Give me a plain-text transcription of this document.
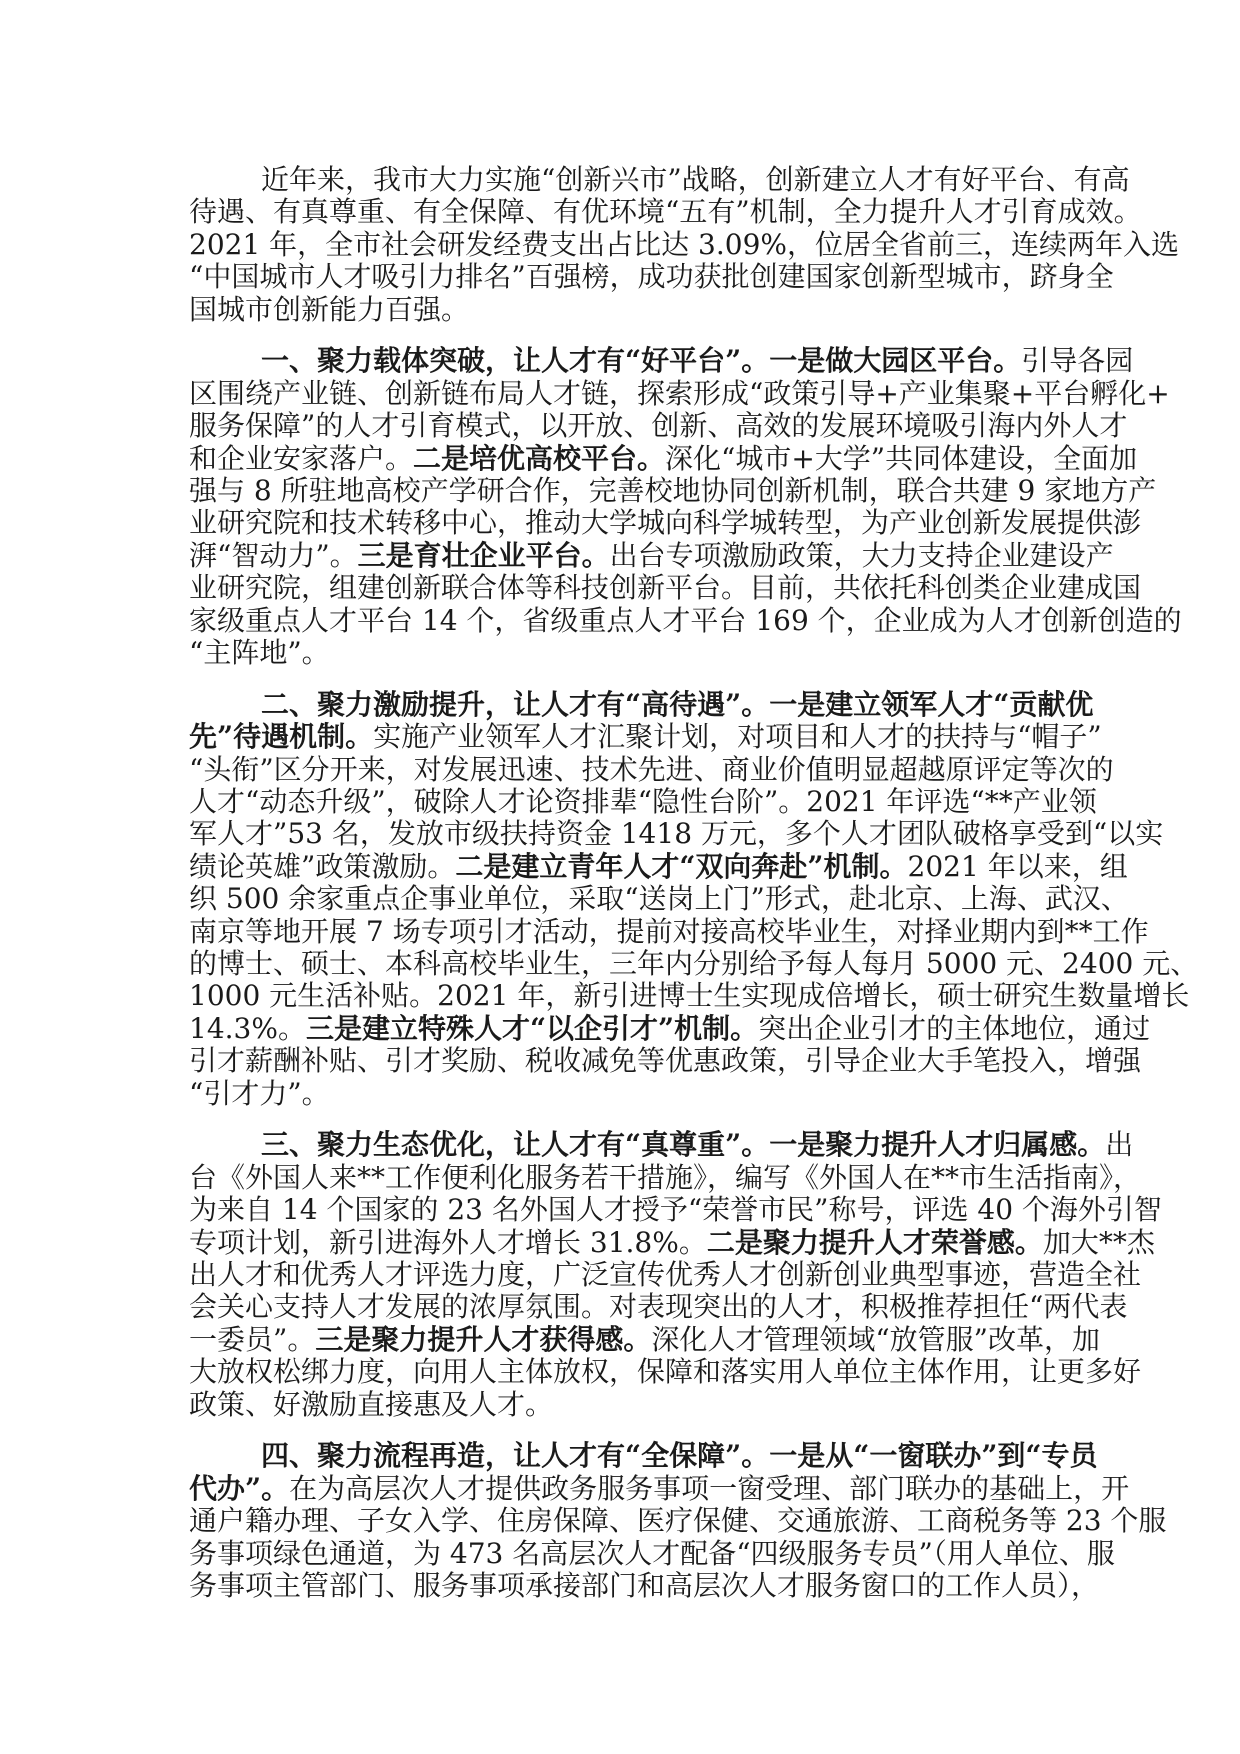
近年来，我市大力实施“创新兴市”战略，创新建立人才有好平台、有高
待遇、有真尊重、有全保障、有优环境“五有”机制，全力提升人才引育成效。
2021 年，全市社会研发经费支出占比达 3.09%，位居全省前三，连续两年入选
“中国城市人才吸引力排名”百强榜，成功获批创建国家创新型城市，跻身全
国城市创新能力百强。
一、聚力载体突破，让人才有“好平台”。一是做大园区平台。引导各园
区围绕产业链、创新链布局人才链，探索形成“政策引导+产业集聚+平台孵化+
服务保障”的人才引育模式，以开放、创新、高效的发展环境吸引海内外人才
和企业安家落户。二是培优高校平台。深化“城市+大学”共同体建设，全面加
强与 8 所驻地高校产学研合作，完善校地协同创新机制，联合共建 9 家地方产
业研究院和技术转移中心，推动大学城向科学城转型，为产业创新发展提供澎
湃“智动力”。三是育壮企业平台。出台专项激励政策，大力支持企业建设产
业研究院，组建创新联合体等科技创新平台。目前，共依托科创类企业建成国
家级重点人才平台 14 个，省级重点人才平台 169 个，企业成为人才创新创造的
“主阵地”。
二、聚力激励提升，让人才有“高待遇”。一是建立领军人才“贡献优
先”待遇机制。实施产业领军人才汇聚计划，对项目和人才的扶持与“帽子”
“头衔”区分开来，对发展迅速、技术先进、商业价值明显超越原评定等次的
人才“动态升级”，破除人才论资排辈“隐性台阶”。2021 年评选“**产业领
军人才”53 名，发放市级扶持资金 1418 万元，多个人才团队破格享受到“以实
绩论英雄”政策激励。二是建立青年人才“双向奔赴”机制。2021 年以来，组
织 500 余家重点企事业单位，采取“送岗上门”形式，赴北京、上海、武汉、
南京等地开展 7 场专项引才活动，提前对接高校毕业生，对择业期内到**工作
的博士、硕士、本科高校毕业生，三年内分别给予每人每月 5000 元、2400 元、
1000 元生活补贴。2021 年，新引进博士生实现成倍增长，硕士研究生数量增长
14.3%。三是建立特殊人才“以企引才”机制。突出企业引才的主体地位，通过
引才薪酬补贴、引才奖励、税收减免等优惠政策，引导企业大手笔投入，增强
“引才力”。
三、聚力生态优化，让人才有“真尊重”。一是聚力提升人才归属感。出
台《外国人来**工作便利化服务若干措施》，编写《外国人在**市生活指南》，
为来自 14 个国家的 23 名外国人才授予“荣誉市民”称号，评选 40 个海外引智
专项计划，新引进海外人才增长 31.8%。二是聚力提升人才荣誉感。加大**杰
出人才和优秀人才评选力度，广泛宣传优秀人才创新创业典型事迹，营造全社
会关心支持人才发展的浓厚氛围。对表现突出的人才，积极推荐担任“两代表
一委员”。三是聚力提升人才获得感。深化人才管理领域“放管服”改革，加
大放权松绑力度，向用人主体放权，保障和落实用人单位主体作用，让更多好
政策、好激励直接惠及人才。
四、聚力流程再造，让人才有“全保障”。一是从“一窗联办”到“专员
代办”。在为高层次人才提供政务服务事项一窗受理、部门联办的基础上，开
通户籍办理、子女入学、住房保障、医疗保健、交通旅游、工商税务等 23 个服
务事项绿色通道，为 473 名高层次人才配备“四级服务专员”（用人单位、服
务事项主管部门、服务事项承接部门和高层次人才服务窗口的工作人员），
